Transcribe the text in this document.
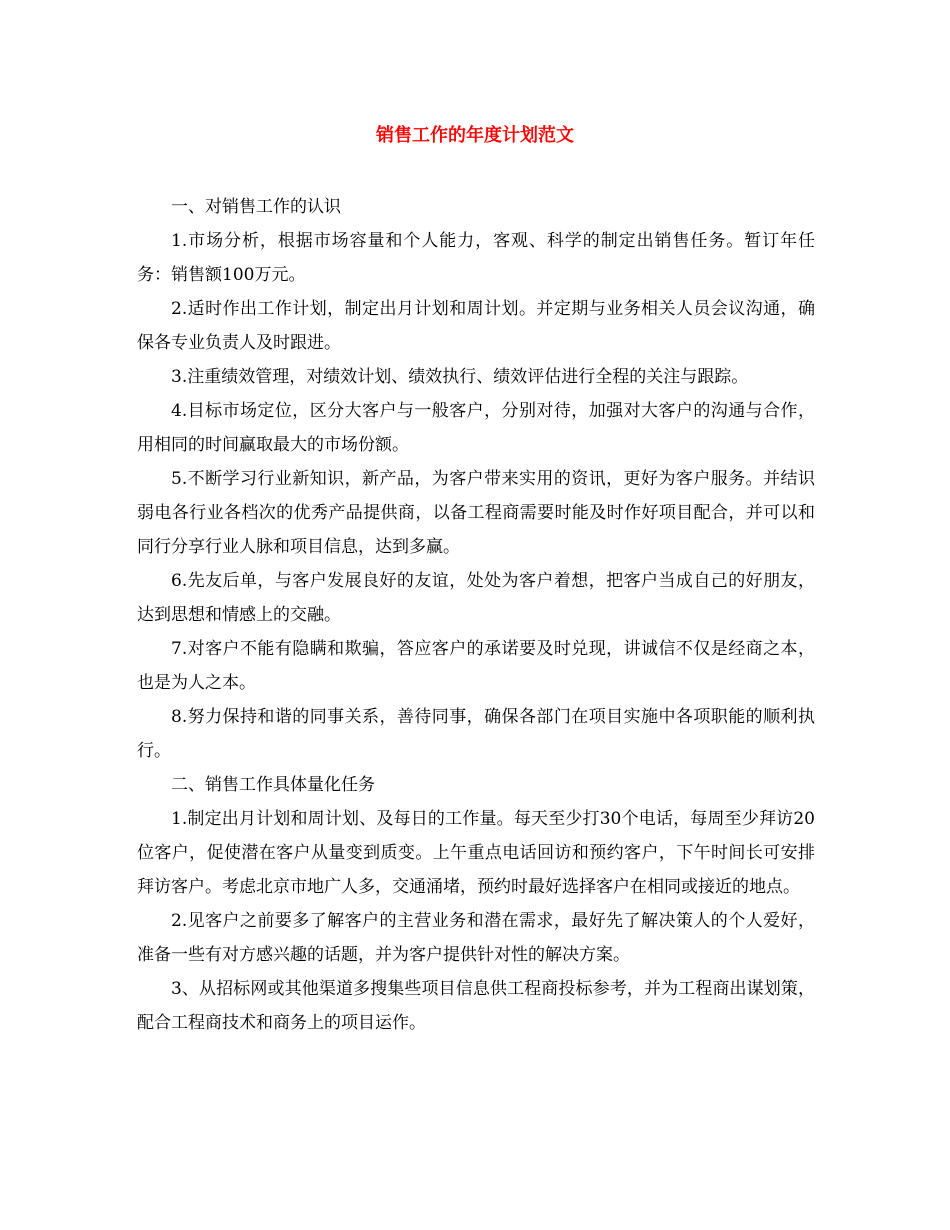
销售工作的年度计划范文

一、对销售工作的认识

1.市场分析，根据市场容量和个人能力，客观、科学的制定出销售任务。暂订年任务：销售额100万元。

2.适时作出工作计划，制定出月计划和周计划。并定期与业务相关人员会议沟通，确保各专业负责人及时跟进。

3.注重绩效管理，对绩效计划、绩效执行、绩效评估进行全程的关注与跟踪。

4.目标市场定位，区分大客户与一般客户，分别对待，加强对大客户的沟通与合作，用相同的时间赢取最大的市场份额。

5.不断学习行业新知识，新产品，为客户带来实用的资讯，更好为客户服务。并结识弱电各行业各档次的优秀产品提供商，以备工程商需要时能及时作好项目配合，并可以和同行分享行业人脉和项目信息，达到多赢。

6.先友后单，与客户发展良好的友谊，处处为客户着想，把客户当成自己的好朋友，达到思想和情感上的交融。

7.对客户不能有隐瞒和欺骗，答应客户的承诺要及时兑现，讲诚信不仅是经商之本，也是为人之本。

8.努力保持和谐的同事关系，善待同事，确保各部门在项目实施中各项职能的顺利执行。

二、销售工作具体量化任务

1.制定出月计划和周计划、及每日的工作量。每天至少打30个电话，每周至少拜访20位客户，促使潜在客户从量变到质变。上午重点电话回访和预约客户，下午时间长可安排拜访客户。考虑北京市地广人多，交通涌堵，预约时最好选择客户在相同或接近的地点。

2.见客户之前要多了解客户的主营业务和潜在需求，最好先了解决策人的个人爱好，准备一些有对方感兴趣的话题，并为客户提供针对性的解决方案。

3、从招标网或其他渠道多搜集些项目信息供工程商投标参考，并为工程商出谋划策，配合工程商技术和商务上的项目运作。
